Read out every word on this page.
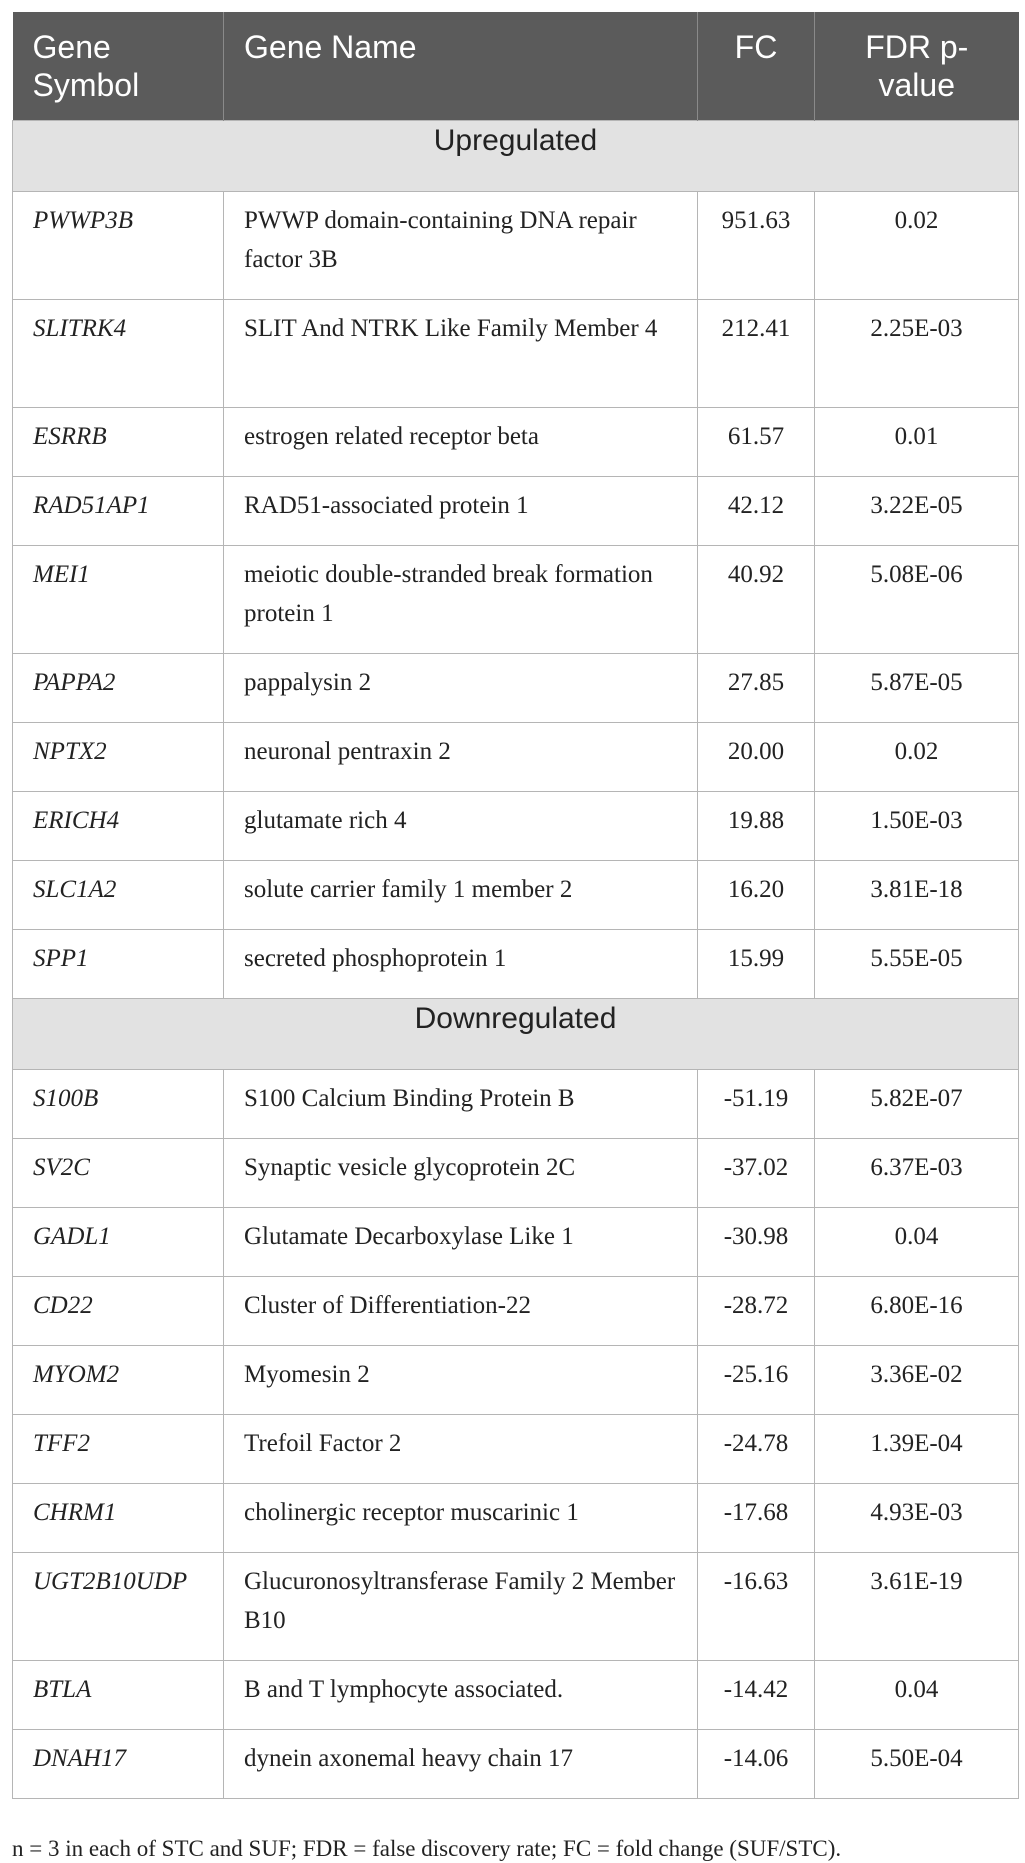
Gene Symbol	Gene Name	FC	FDR p-value
Upregulated			
PWWP3B	PWWP domain-containing DNA repair factor 3B	951.63	0.02
SLITRK4	SLIT And NTRK Like Family Member 4	212.41	2.25E-03
ESRRB	estrogen related receptor beta	61.57	0.01
RAD51AP1	RAD51-associated protein 1	42.12	3.22E-05
MEI1	meiotic double-stranded break formation protein 1	40.92	5.08E-06
PAPPA2	pappalysin 2	27.85	5.87E-05
NPTX2	neuronal pentraxin 2	20.00	0.02
ERICH4	glutamate rich 4	19.88	1.50E-03
SLC1A2	solute carrier family 1 member 2	16.20	3.81E-18
SPP1	secreted phosphoprotein 1	15.99	5.55E-05
Downregulated			
S100B	S100 Calcium Binding Protein B	-51.19	5.82E-07
SV2C	Synaptic vesicle glycoprotein 2C	-37.02	6.37E-03
GADL1	Glutamate Decarboxylase Like 1	-30.98	0.04
CD22	Cluster of Differentiation-22	-28.72	6.80E-16
MYOM2	Myomesin 2	-25.16	3.36E-02
TFF2	Trefoil Factor 2	-24.78	1.39E-04
CHRM1	cholinergic receptor muscarinic 1	-17.68	4.93E-03
UGT2B10UDP	Glucuronosyltransferase Family 2 Member B10	-16.63	3.61E-19
BTLA	B and T lymphocyte associated.	-14.42	0.04
DNAH17	dynein axonemal heavy chain 17	-14.06	5.50E-04
n = 3 in each of STC and SUF; FDR = false discovery rate; FC = fold change (SUF/STC).
